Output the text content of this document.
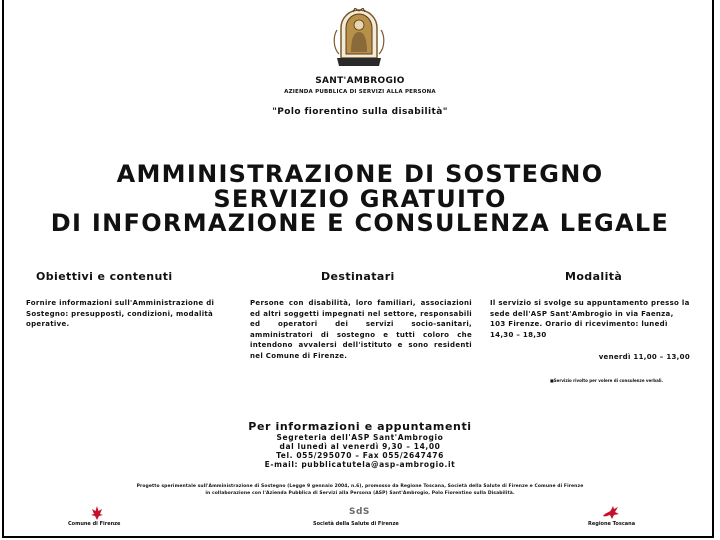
SANT'AMBROGIO
AZIENDA PUBBLICA DI SERVIZI ALLA PERSONA
"Polo fiorentino sulla disabilità"
AMMINISTRAZIONE DI SOSTEGNO
SERVIZIO GRATUITO
DI INFORMAZIONE E CONSULENZA LEGALE
Obiettivi e contenuti	Destinatari	Modalità
Fornire informazioni sull'Amministrazione di Sostegno: presupposti, condizioni, modalità operative.
Persone con disabilità, loro familiari, associazioni ed altri soggetti impegnati nel settore, responsabili ed operatori dei servizi socio-sanitari, amministratori di sostegno e tutti coloro che intendono avvalersi dell'istituto e sono residenti nel Comune di Firenze.
Il servizio si svolge su appuntamento presso la sede dell'ASP Sant'Ambrogio in via Faenza, 103 Firenze. Orario di ricevimento: lunedì 14,30 – 18,30
venerdì 11,00 – 13,00
■Servizio rivolto per volere di consulenze verbali.
Per informazioni e appuntamenti
Segreteria dell'ASP Sant'Ambrogio
dal lunedì al venerdì 9,30 – 14,00
Tel. 055/295070 – Fax 055/2647476
E-mail: pubblicatutela@asp-ambrogio.it
Progetto sperimentale sull'Amministrazione di Sostegno (Legge 9 gennaio 2004, n.6), promosso da Regione Toscana, Società della Salute di Firenze e Comune di Firenze
in collaborazione con l'Azienda Pubblica di Servizi alla Persona (ASP) Sant'Ambrogio, Polo Fiorentino sulla Disabilità.
Comune di Firenze
SdS
Società della Salute di Firenze	Regione Toscana
